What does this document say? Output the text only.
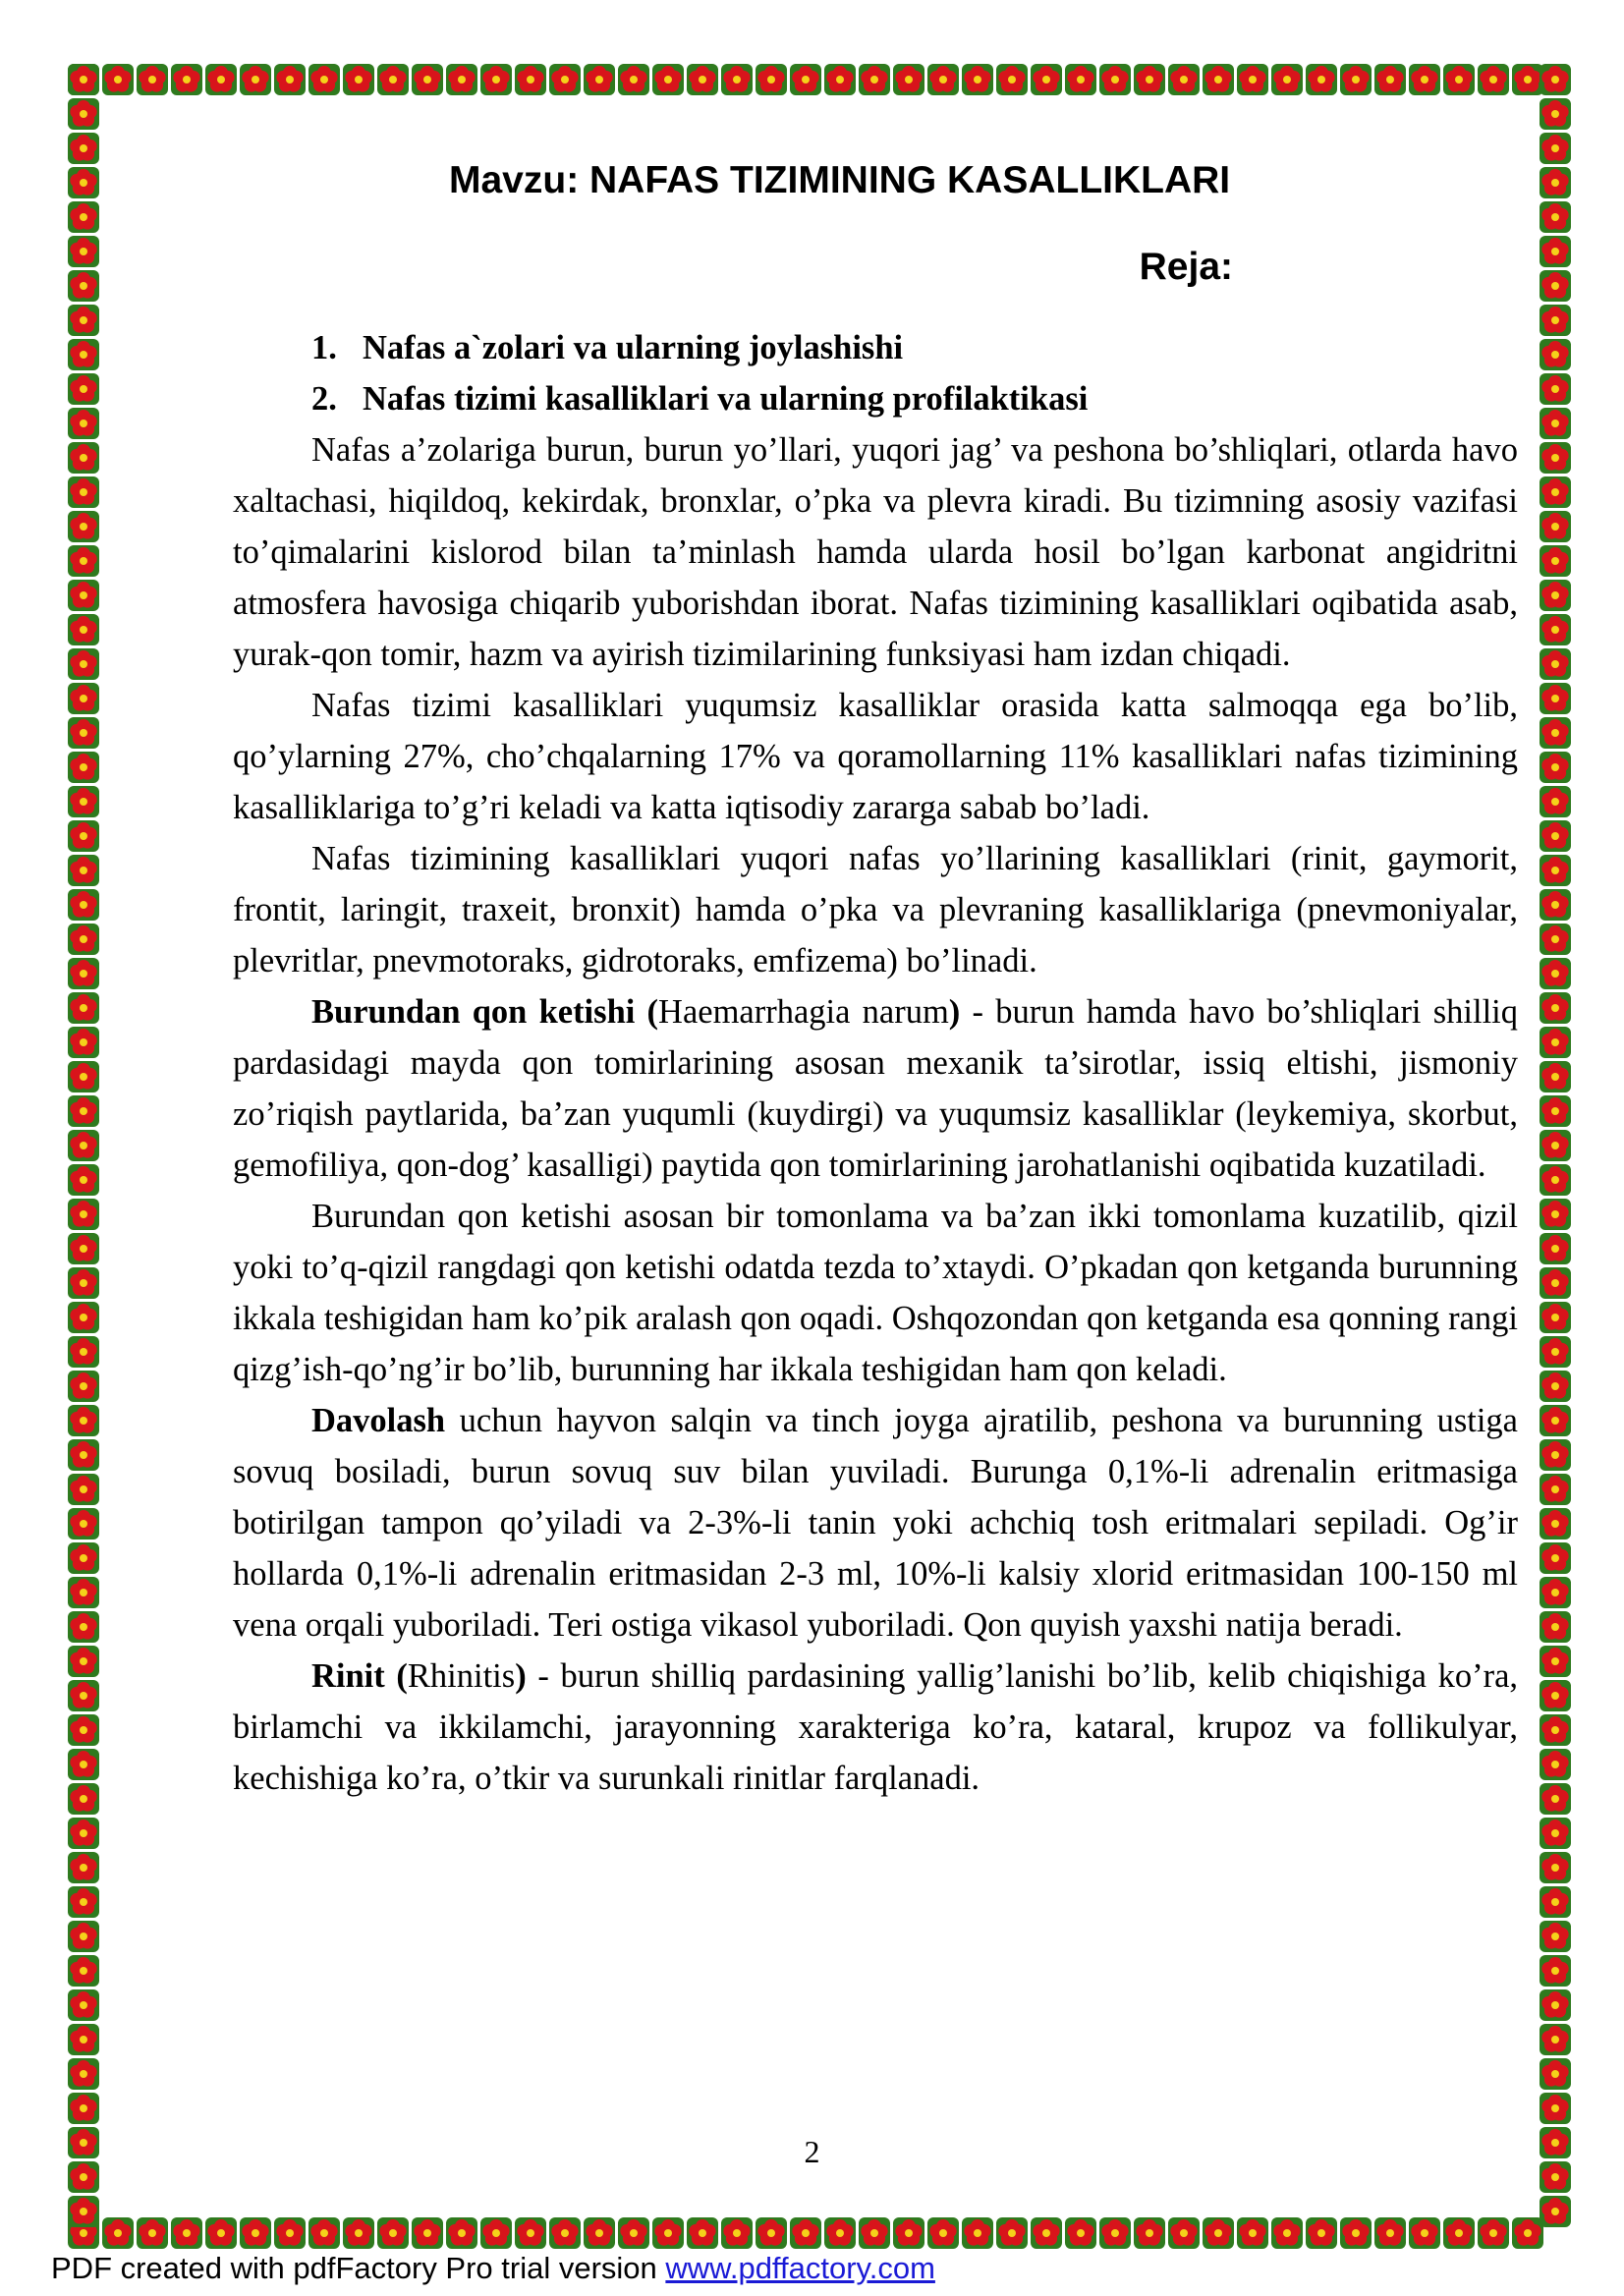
Mavzu: NAFAS TIZIMINING KASALLIKLARI
Reja:
1. Nafas a`zolari va ularning joylashishi
2. Nafas tizimi kasalliklari va ularning profilaktikasi

Nafas a’zolariga burun, burun yo’llari, yuqori jag’ va peshona bo’shliqlari, otlarda havo xaltachasi, hiqildoq, kekirdak, bronxlar, o’pka va plevra kiradi. Bu tizimning asosiy vazifasi to’qimalarini kislorod bilan ta’minlash hamda ularda hosil bo’lgan karbonat angidritni atmosfera havosiga chiqarib yuborishdan iborat. Nafas tizimining kasalliklari oqibatida asab, yurak-qon tomir, hazm va ayirish tizimilarining funksiyasi ham izdan chiqadi.

Nafas tizimi kasalliklari yuqumsiz kasalliklar orasida katta salmoqqa ega bo’lib, qo’ylarning 27%, cho’chqalarning 17% va qoramollarning 11% kasalliklari nafas tizimining kasalliklariga to’g’ri keladi va katta iqtisodiy zararga sabab bo’ladi.

Nafas tizimining kasalliklari yuqori nafas yo’llarining kasalliklari (rinit, gaymorit, frontit, laringit, traxeit, bronxit) hamda o’pka va plevraning kasalliklariga (pnevmoniyalar, plevritlar, pnevmotoraks, gidrotoraks, emfizema) bo’linadi.

Burundan qon ketishi (Haemarrhagia narum) - burun hamda havo bo’shliqlari shilliq pardasidagi mayda qon tomirlarining asosan mexanik ta’sirotlar, issiq eltishi, jismoniy zo’riqish paytlarida, ba’zan yuqumli (kuydirgi) va yuqumsiz kasalliklar (leykemiya, skorbut, gemofiliya, qon-dog’ kasalligi) paytida qon tomirlarining jarohatlanishi oqibatida kuzatiladi.

Burundan qon ketishi asosan bir tomonlama va ba’zan ikki tomonlama kuzatilib, qizil yoki to’q-qizil rangdagi qon ketishi odatda tezda to’xtaydi. O’pkadan qon ketganda burunning ikkala teshigidan ham ko’pik aralash qon oqadi. Oshqozondan qon ketganda esa qonning rangi qizg’ish-qo’ng’ir bo’lib, burunning har ikkala teshigidan ham qon keladi.

Davolash uchun hayvon salqin va tinch joyga ajratilib, peshona va burunning ustiga sovuq bosiladi, burun sovuq suv bilan yuviladi. Burunga 0,1%-li adrenalin eritmasiga botirilgan tampon qo’yiladi va 2-3%-li tanin yoki achchiq tosh eritmalari sepiladi. Og’ir hollarda 0,1%-li adrenalin eritmasidan 2-3 ml, 10%-li kalsiy xlorid eritmasidan 100-150 ml vena orqali yuboriladi. Teri ostiga vikasol yuboriladi. Qon quyish yaxshi natija beradi.

Rinit (Rhinitis) - burun shilliq pardasining yallig’lanishi bo’lib, kelib chiqishiga ko’ra, birlamchi va ikkilamchi, jarayonning xarakteriga ko’ra, kataral, krupoz va follikulyar, kechishiga ko’ra, o’tkir va surunkali rinitlar farqlanadi.

2
PDF created with pdfFactory Pro trial version www.pdffactory.com
